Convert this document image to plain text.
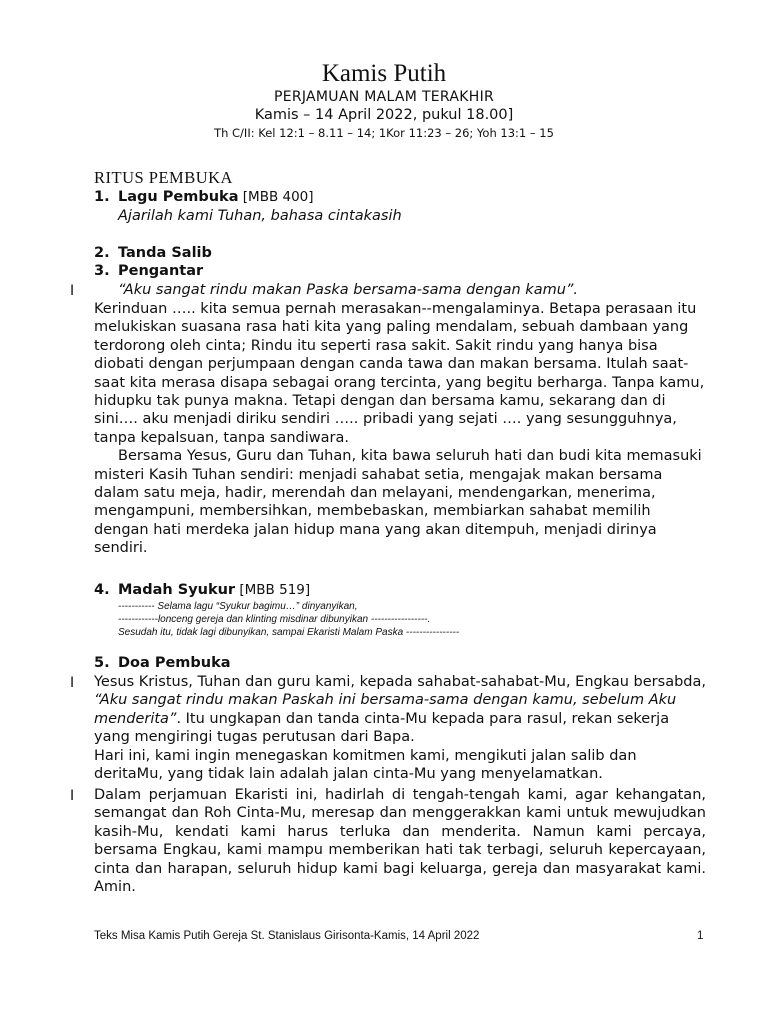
Kamis Putih
PERJAMUAN MALAM TERAKHIR
Kamis – 14 April 2022, pukul 18.00]
Th C/II: Kel 12:1 – 8.11 – 14; 1Kor 11:23 – 26; Yoh 13:1 – 15
RITUS PEMBUKA
1. Lagu Pembuka [MBB 400]
Ajarilah kami Tuhan, bahasa cintakasih
2. Tanda Salib
3. Pengantar
I	“Aku sangat rindu makan Paska bersama-sama dengan kamu”.

Kerinduan ….. kita semua pernah merasakan--mengalaminya. Betapa perasaan itu melukiskan suasana rasa hati kita yang paling mendalam, sebuah dambaan yang terdorong oleh cinta; Rindu itu seperti rasa sakit. Sakit rindu yang hanya bisa diobati dengan perjumpaan dengan canda tawa dan makan bersama. Itulah saat-saat kita merasa disapa sebagai orang tercinta, yang begitu berharga. Tanpa kamu, hidupku tak punya makna. Tetapi dengan dan bersama kamu, sekarang dan di sini…. aku menjadi diriku sendiri ….. pribadi yang sejati …. yang sesungguhnya, tanpa kepalsuan, tanpa sandiwara.

Bersama Yesus, Guru dan Tuhan, kita bawa seluruh hati dan budi kita memasuki misteri Kasih Tuhan sendiri: menjadi sahabat setia, mengajak makan bersama dalam satu meja, hadir, merendah dan melayani, mendengarkan, menerima, mengampuni, membersihkan, membebaskan, membiarkan sahabat memilih dengan hati merdeka jalan hidup mana yang akan ditempuh, menjadi dirinya sendiri.

4. Madah Syukur [MBB 519]
----------- Selama lagu “Syukur bagimu…” dinyanyikan,
------------lonceng gereja dan klinting misdinar dibunyikan -----------------.
Sesudah itu, tidak lagi dibunyikan, sampai Ekaristi Malam Paska ----------------
5. Doa Pembuka
I Yesus Kristus, Tuhan dan guru kami, kepada sahabat-sahabat-Mu, Engkau bersabda, “Aku sangat rindu makan Paskah ini bersama-sama dengan kamu, sebelum Aku menderita”. Itu ungkapan dan tanda cinta-Mu kepada para rasul, rekan sekerja yang mengiringi tugas perutusan dari Bapa.

Hari ini, kami ingin menegaskan komitmen kami, mengikuti jalan salib dan deritaMu, yang tidak lain adalah jalan cinta-Mu yang menyelamatkan.

I Dalam perjamuan Ekaristi ini, hadirlah di tengah-tengah kami, agar kehangatan, semangat dan Roh Cinta-Mu, meresap dan menggerakkan kami untuk mewujudkan kasih-Mu, kendati kami harus terluka dan menderita. Namun kami percaya, bersama Engkau, kami mampu memberikan hati tak terbagi, seluruh kepercayaan, cinta dan harapan, seluruh hidup kami bagi keluarga, gereja dan masyarakat kami. Amin.

Teks Misa Kamis Putih Gereja St. Stanislaus Girisonta-Kamis, 14 April 2022	1
